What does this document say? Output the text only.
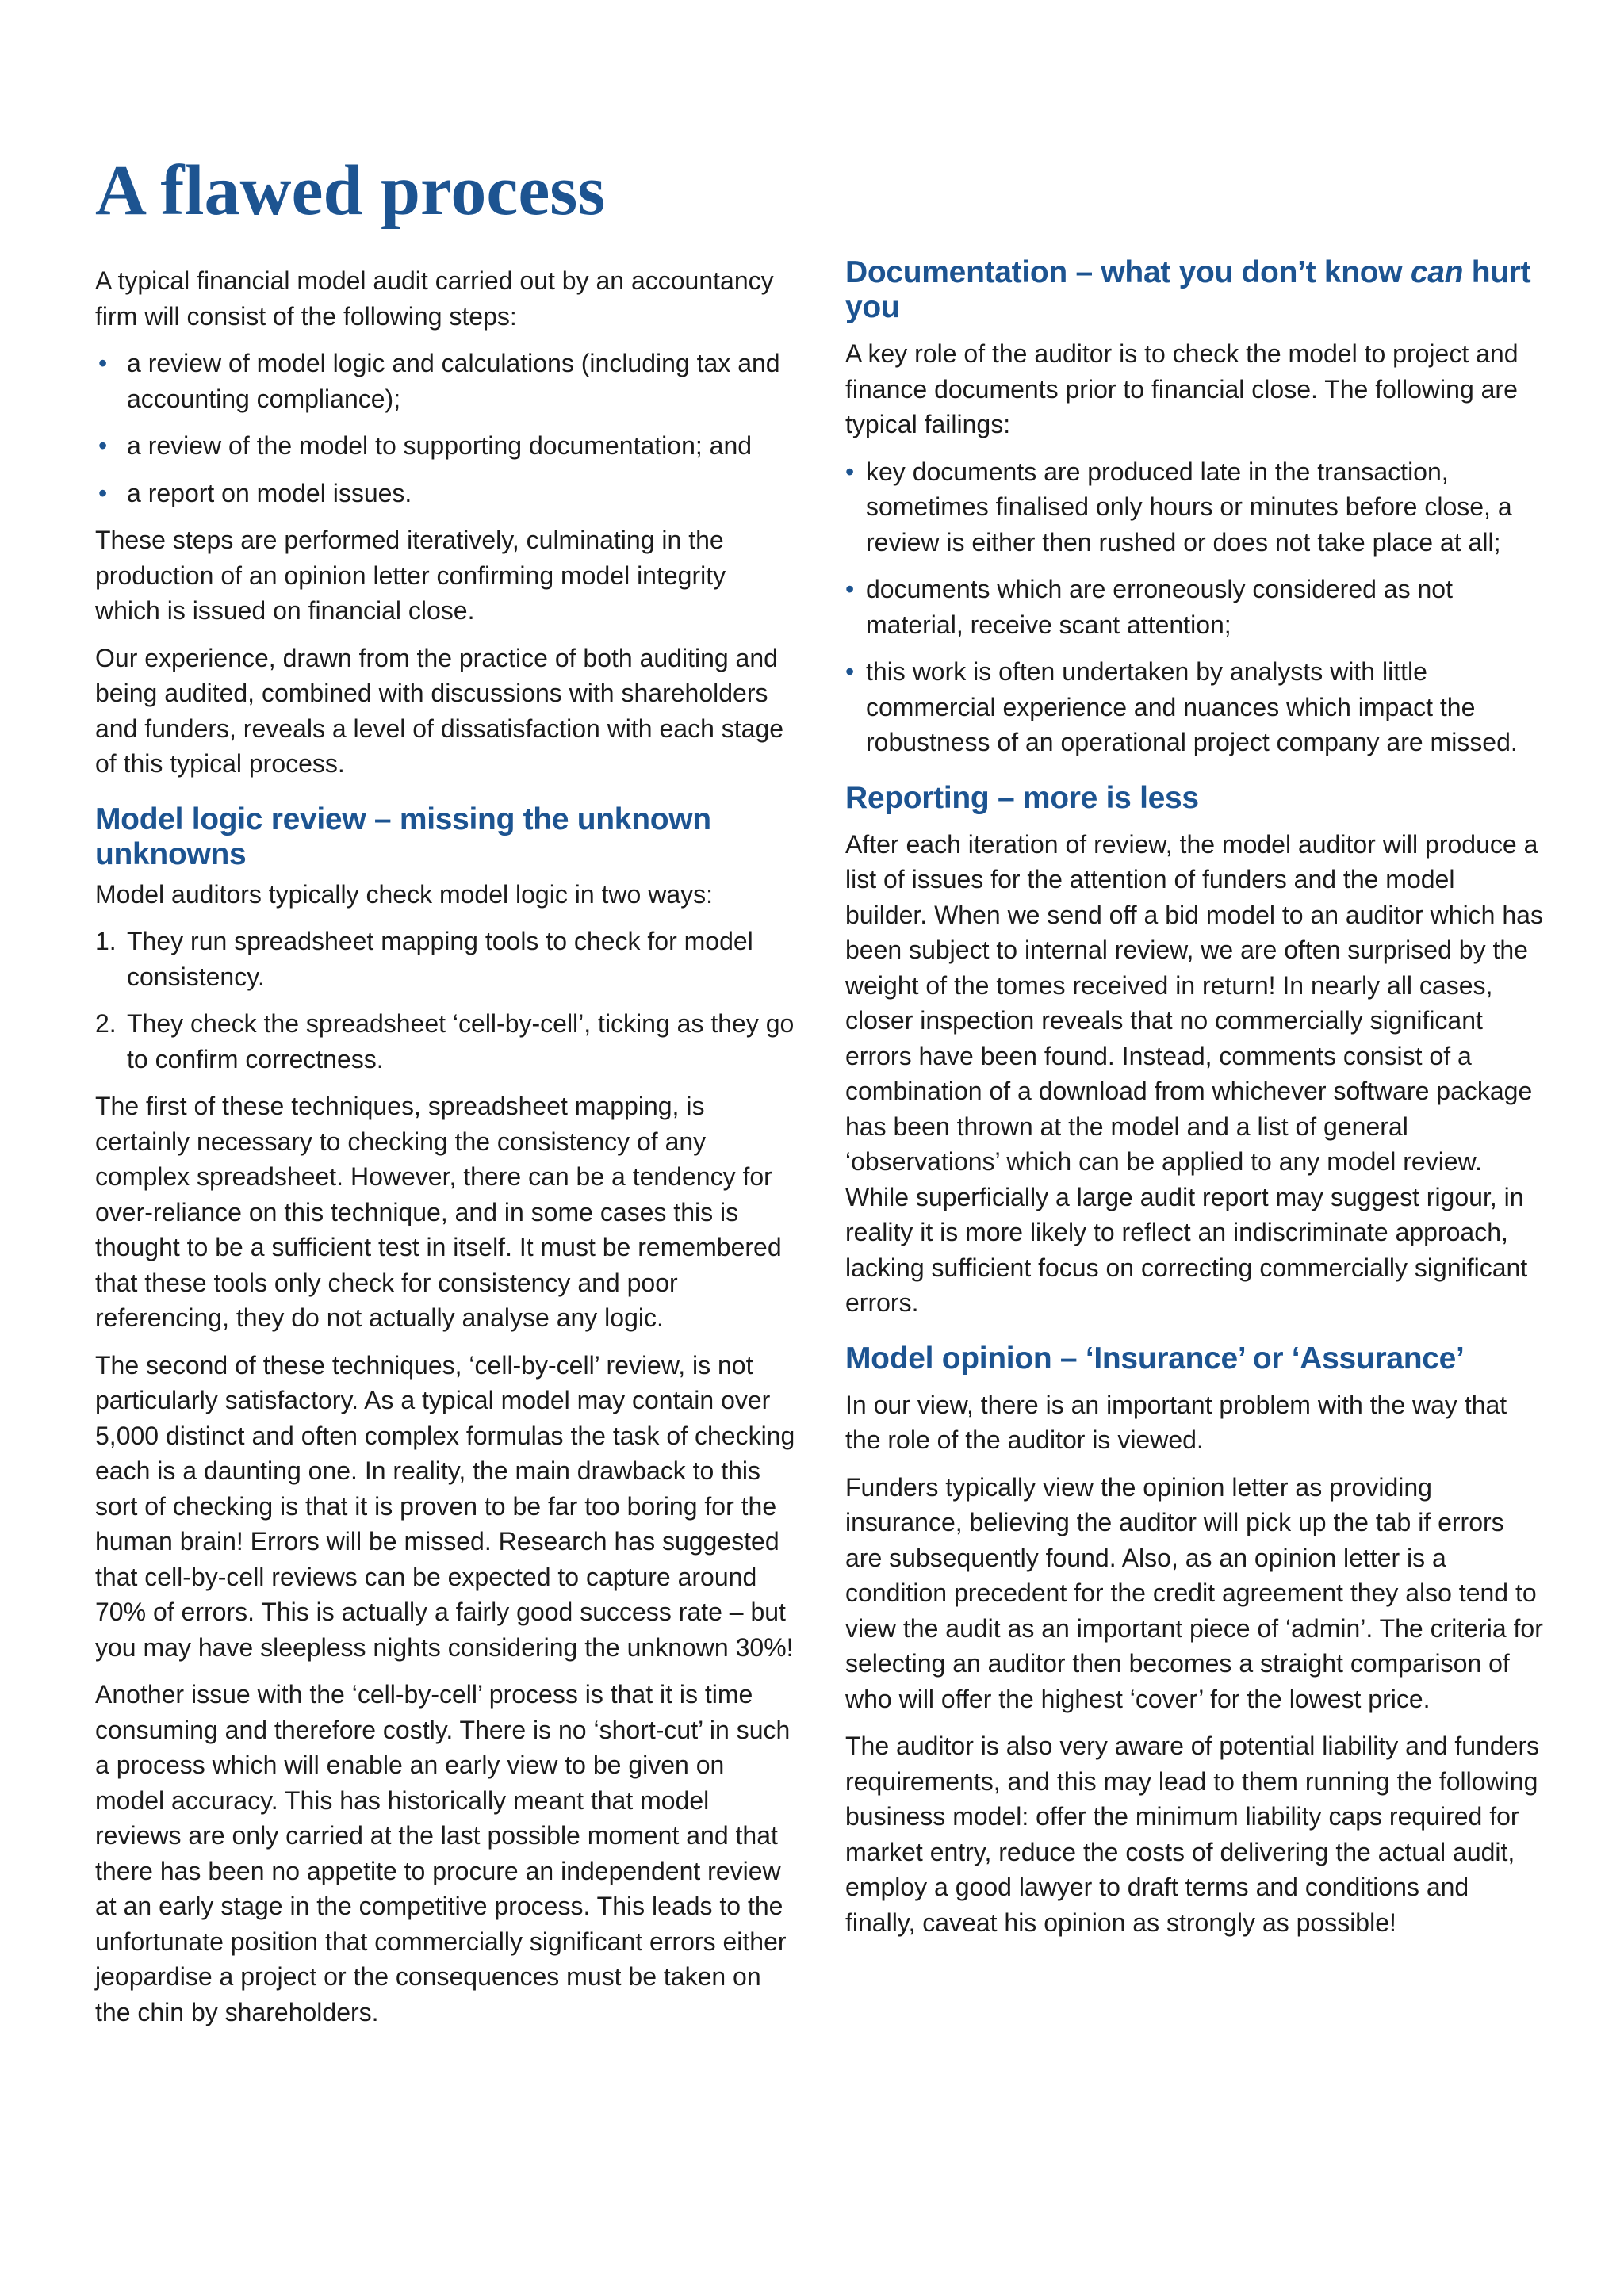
A flawed process

A typical financial model audit carried out by an accountancy firm will consist of the following steps:

• a review of model logic and calculations (including tax and accounting compliance);
• a review of the model to supporting documentation; and
• a report on model issues.

These steps are performed iteratively, culminating in the production of an opinion letter confirming model integrity which is issued on financial close.

Our experience, drawn from the practice of both auditing and being audited, combined with discussions with shareholders and funders, reveals a level of dissatisfaction with each stage of this typical process.

Model logic review – missing the unknown unknowns

Model auditors typically check model logic in two ways:

1. They run spreadsheet mapping tools to check for model consistency.
2. They check the spreadsheet ‘cell-by-cell’, ticking as they go to confirm correctness.

The first of these techniques, spreadsheet mapping, is certainly necessary to checking the consistency of any complex spreadsheet. However, there can be a tendency for over-reliance on this technique, and in some cases this is thought to be a sufficient test in itself. It must be remembered that these tools only check for consistency and poor referencing, they do not actually analyse any logic.

The second of these techniques, ‘cell-by-cell’ review, is not particularly satisfactory. As a typical model may contain over 5,000 distinct and often complex formulas the task of checking each is a daunting one. In reality, the main drawback to this sort of checking is that it is proven to be far too boring for the human brain! Errors will be missed. Research has suggested that cell-by-cell reviews can be expected to capture around 70% of errors. This is actually a fairly good success rate – but you may have sleepless nights considering the unknown 30%!

Another issue with the ‘cell-by-cell’ process is that it is time consuming and therefore costly. There is no ‘short-cut’ in such a process which will enable an early view to be given on model accuracy. This has historically meant that model reviews are only carried at the last possible moment and that there has been no appetite to procure an independent review at an early stage in the competitive process. This leads to the unfortunate position that commercially significant errors either jeopardise a project or the consequences must be taken on the chin by shareholders.

Documentation – what you don’t know can hurt you

A key role of the auditor is to check the model to project and finance documents prior to financial close. The following are typical failings:

• key documents are produced late in the transaction, sometimes finalised only hours or minutes before close, a review is either then rushed or does not take place at all;
• documents which are erroneously considered as not material, receive scant attention;
• this work is often undertaken by analysts with little commercial experience and nuances which impact the robustness of an operational project company are missed.
Reporting – more is less

After each iteration of review, the model auditor will produce a list of issues for the attention of funders and the model builder. When we send off a bid model to an auditor which has been subject to internal review, we are often surprised by the weight of the tomes received in return! In nearly all cases, closer inspection reveals that no commercially significant errors have been found. Instead, comments consist of a combination of a download from whichever software package has been thrown at the model and a list of general ‘observations’ which can be applied to any model review. While superficially a large audit report may suggest rigour, in reality it is more likely to reflect an indiscriminate approach, lacking sufficient focus on correcting commercially significant errors.

Model opinion – ‘Insurance’ or ‘Assurance’

In our view, there is an important problem with the way that the role of the auditor is viewed.

Funders typically view the opinion letter as providing insurance, believing the auditor will pick up the tab if errors are subsequently found. Also, as an opinion letter is a condition precedent for the credit agreement they also tend to view the audit as an important piece of ‘admin’. The criteria for selecting an auditor then becomes a straight comparison of who will offer the highest ‘cover’ for the lowest price.

The auditor is also very aware of potential liability and funders requirements, and this may lead to them running the following business model: offer the minimum liability caps required for market entry, reduce the costs of delivering the actual audit, employ a good lawyer to draft terms and conditions and finally, caveat his opinion as strongly as possible!
